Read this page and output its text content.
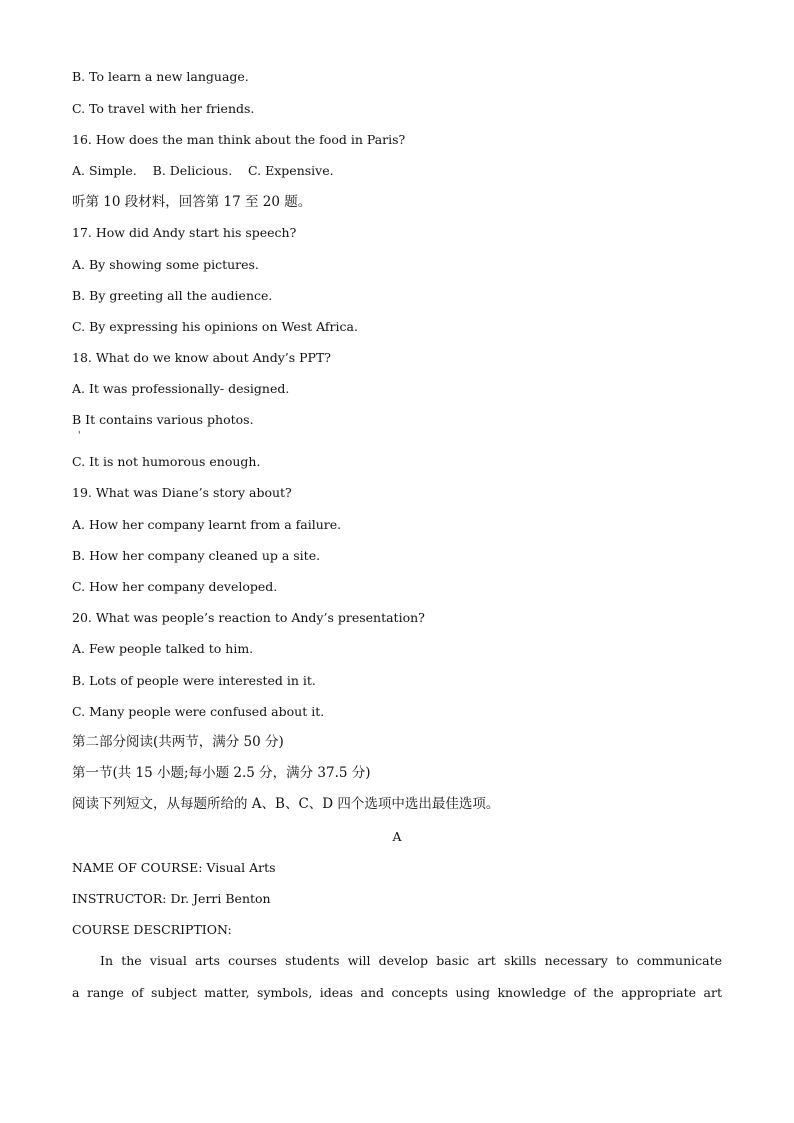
B. To learn a new language.

C. To travel with her friends.

16. How does the man think about the food in Paris?

A. Simple.    B. Delicious.    C. Expensive.

听第 10 段材料，回答第 17 至 20 题。

17. How did Andy start his speech?

A. By showing some pictures.

B. By greeting all the audience.

C. By expressing his opinions on West Africa.

18. What do we know about Andy’s PPT?

A. It was professionally- designed.

B It contains various photos.

'

C. It is not humorous enough.

19. What was Diane’s story about?

A. How her company learnt from a failure.

B. How her company cleaned up a site.

C. How her company developed.

20. What was people’s reaction to Andy’s presentation?

A. Few people talked to him.

B. Lots of people were interested in it.

C. Many people were confused about it.

第二部分阅读(共两节，满分 50 分)

第一节(共 15 小题;每小题 2.5 分，满分 37.5 分)

阅读下列短文，从每题所给的 A、B、C、D 四个选项中选出最佳选项。

A

NAME OF COURSE: Visual Arts

INSTRUCTOR: Dr. Jerri Benton

COURSE DESCRIPTION:

In the visual arts courses students will develop basic art skills necessary to communicate

a range of subject matter, symbols, ideas and concepts using knowledge of the appropriate art
